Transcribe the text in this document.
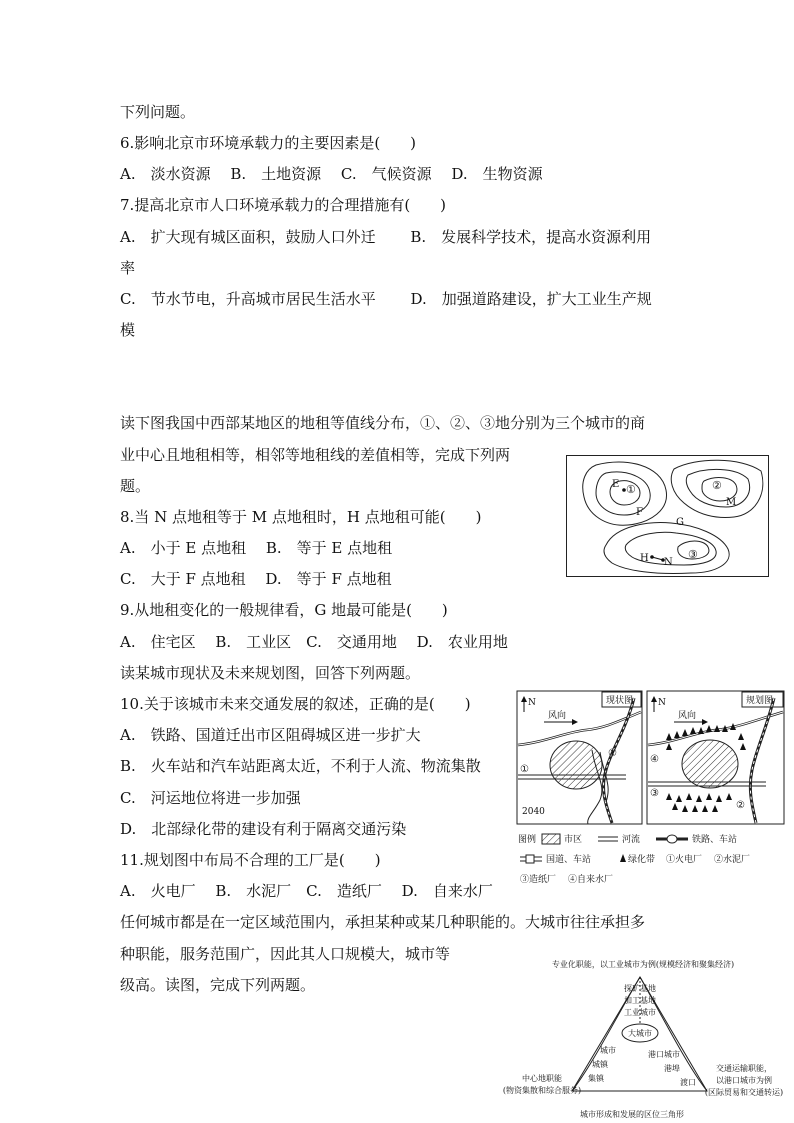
下列问题。
6.影响北京市环境承载力的主要因素是(　　)
A.　淡水资源　 B.　土地资源　 C.　气候资源　 D.　生物资源
7.提高北京市人口环境承载力的合理措施有(　　)
A.　扩大现有城区面积，鼓励人口外迁　　 B.　发展科学技术，提高水资源利用
率
C.　节水节电，升高城市居民生活水平　　 D.　加强道路建设，扩大工业生产规
模
读下图我国中西部某地区的地租等值线分布，①、②、③地分别为三个城市的商
业中心且地租相等，相邻等地租线的差值相等，完成下列两
题。
8.当 N 点地租等于 M 点地租时，H 点地租可能(　　)
A.　小于 E 点地租　 B.　等于 E 点地租
C.　大于 F 点地租　 D.　等于 F 点地租
9.从地租变化的一般规律看，G 地最可能是(　　)
A.　住宅区　 B.　工业区　C.　交通用地　 D.　农业用地
读某城市现状及未来规划图，回答下列两题。
10.关于该城市未来交通发展的叙述，正确的是(　　)
A.　铁路、国道迁出市区阻碍城区进一步扩大
B.　火车站和汽车站距离太近，不利于人流、物流集散
C.　河运地位将进一步加强
D.　北部绿化带的建设有利于隔离交通污染
11.规划图中布局不合理的工厂是(　　)
A.　火电厂　 B.　水泥厂　C.　造纸厂　 D.　自来水厂
任何城市都是在一定区域范围内，承担某种或某几种职能的。大城市往往承担多
种职能，服务范围广，因此其人口规模大，城市等
级高。读图，完成下列两题。
E ①
F
②
M
G
H N
③
现状图
N
风向
①
②
2040
规划图
N
风向
④
③
②
图例	市区	河流	铁路、车站
国道、车站	绿化带 ①火电厂 ②水泥厂
③造纸厂 ④自来水厂
专业化职能，以工业城市为例(规模经济和聚集经济)
探矿基地
加工基地
工业城市
大城市
城市
城镇
集镇
港口城市
港埠
渡口
中心地职能
(物资集散和综合服务)
交通运输职能，
以港口城市为例
(区际贸易和交通转运)
城市形成和发展的区位三角形
